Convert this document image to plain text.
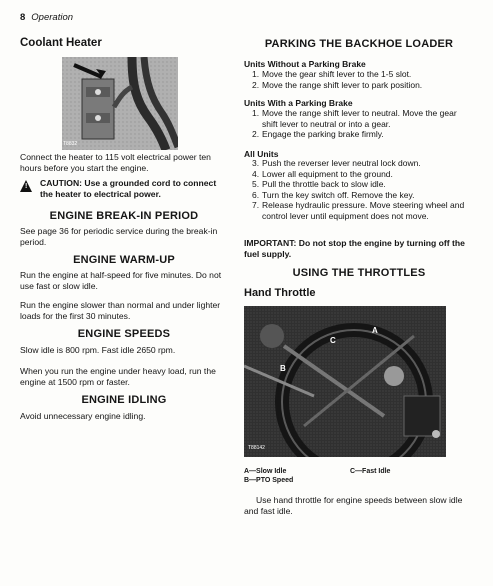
8 Operation
Coolant Heater
T8832

Connect the heater to 115 volt electrical power ten hours before you start the engine.

! CAUTION: Use a grounded cord to connect the heater to electrical power.
ENGINE BREAK-IN PERIOD

See page 36 for periodic service during the break-in period.

ENGINE WARM-UP

Run the engine at half-speed for five minutes. Do not use fast or slow idle.

Run the engine slower than normal and under lighter loads for the first 30 minutes.

ENGINE SPEEDS

Slow idle is 800 rpm. Fast idle 2650 rpm.

When you run the engine under heavy load, run the engine at 1500 rpm or faster.

ENGINE IDLING

Avoid unnecessary engine idling.

PARKING THE BACKHOE LOADER
Units Without a Parking Brake
1. Move the gear shift lever to the 1-5 slot.
2. Move the range shift lever to park position.
Units With a Parking Brake
1. Move the range shift lever to neutral. Move the gear shift lever to neutral or into a gear.
2. Engage the parking brake firmly.
All Units
3. Push the reverser lever neutral lock down.
4. Lower all equipment to the ground.
5. Pull the throttle back to slow idle.
6. Turn the key switch off. Remove the key.
7. Release hydraulic pressure. Move steering wheel and control lever until equipment does not move.

IMPORTANT: Do not stop the engine by turning off the fuel supply.

USING THE THROTTLES
Hand Throttle
A
B
C
T88142
A—Slow Idle
B—PTO Speed
C—Fast Idle

Use hand throttle for engine speeds between slow idle and fast idle.
